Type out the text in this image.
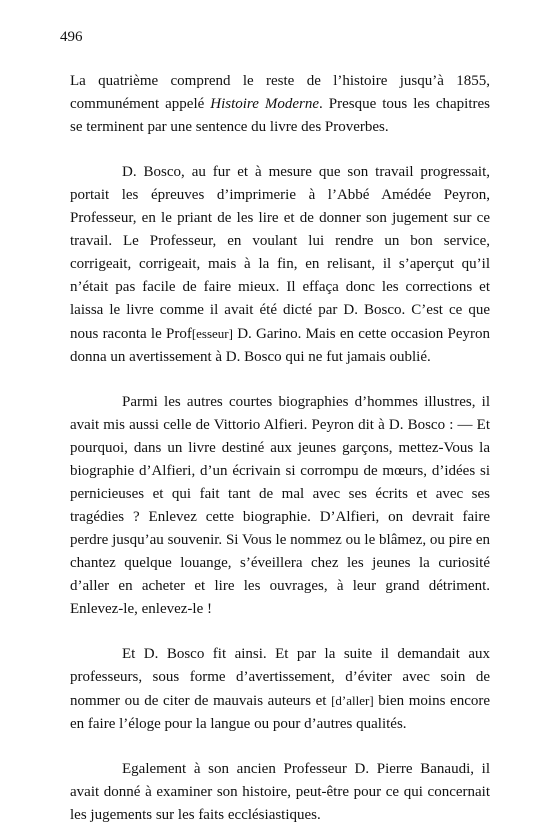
496

La quatrième comprend le reste de l’histoire jusqu’à 1855, communément appelé Histoire Moderne. Presque tous les chapitres se terminent par une sentence du livre des Proverbes.

D. Bosco, au fur et à mesure que son travail progressait, portait les épreuves d’imprimerie à l’Abbé Amédée Peyron, Professeur, en le priant de les lire et de donner son jugement sur ce travail. Le Professeur, en voulant lui rendre un bon service, corrigeait, corrigeait, mais à la fin, en relisant, il s’aperçut qu’il n’était pas facile de faire mieux. Il effaça donc les corrections et laissa le livre comme il avait été dicté par D. Bosco. C’est ce que nous raconta le Prof[esseur] D. Garino. Mais en cette occasion Peyron donna un avertissement à D. Bosco qui ne fut jamais oublié.

Parmi les autres courtes biographies d’hommes illustres, il avait mis aussi celle de Vittorio Alfieri. Peyron dit à D. Bosco : — Et pourquoi, dans un livre destiné aux jeunes garçons, mettez-Vous la biographie d’Alfieri, d’un écrivain si corrompu de mœurs, d’idées si pernicieuses et qui fait tant de mal avec ses écrits et avec ses tragédies ? Enlevez cette biographie. D’Alfieri, on devrait faire perdre jusqu’au souvenir. Si Vous le nommez ou le blâmez, ou pire en chantez quelque louange, s’éveillera chez les jeunes la curiosité d’aller en acheter et lire les ouvrages, à leur grand détriment. Enlevez-le, enlevez-le !

Et D. Bosco fit ainsi. Et par la suite il demandait aux professeurs, sous forme d’avertissement, d’éviter avec soin de nommer ou de citer de mauvais auteurs et [d’aller] bien moins encore en faire l’éloge pour la langue ou pour d’autres qualités.

Egalement à son ancien Professeur D. Pierre Banaudi, il avait donné à examiner son histoire, peut-être pour ce qui concernait les jugements sur les faits ecclésiastiques.
